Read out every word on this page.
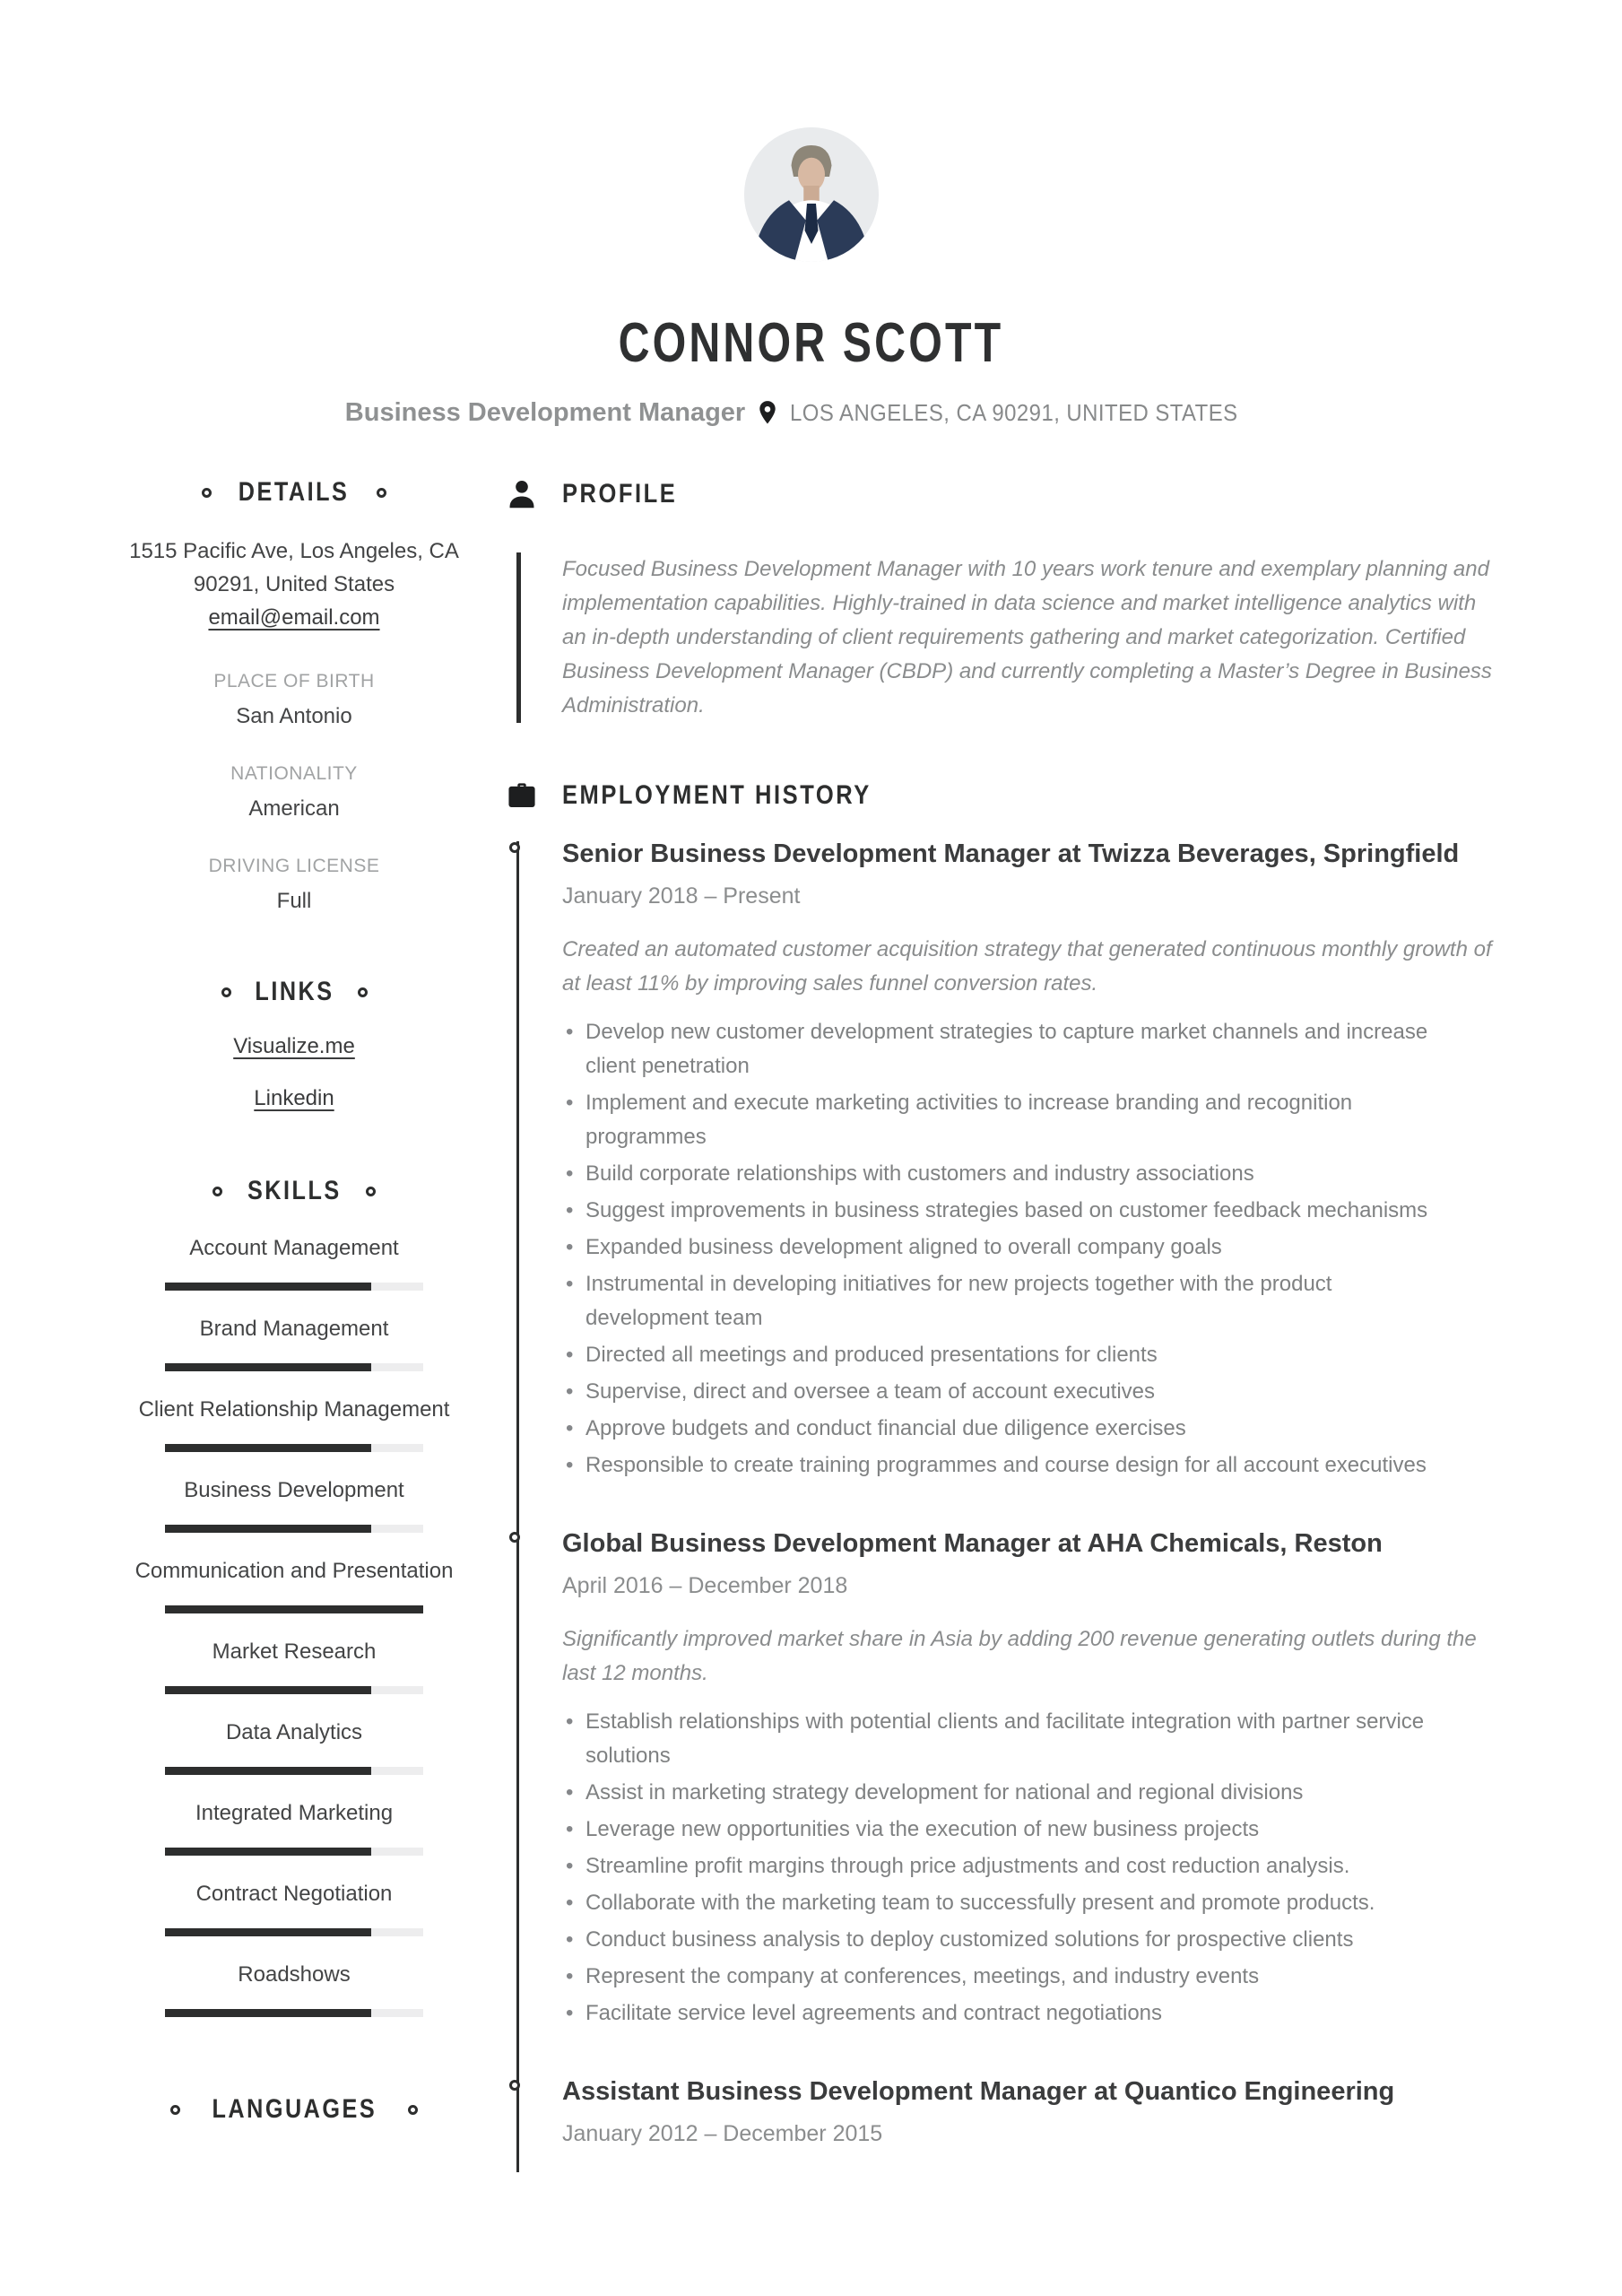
CONNOR SCOTT
Business Development Manager LOS ANGELES, CA 90291, UNITED STATES
DETAILS
1515 Pacific Ave, Los Angeles, CA
90291, United States
email@email.com
PLACE OF BIRTH
San Antonio
NATIONALITY
American
DRIVING LICENSE
Full
LINKS
Visualize.me
Linkedin
SKILLS
Account Management
Brand Management
Client Relationship Management
Business Development
Communication and Presentation
Market Research
Data Analytics
Integrated Marketing
Contract Negotiation
Roadshows
LANGUAGES
PROFILE

Focused Business Development Manager with 10 years work tenure and exemplary planning and implementation capabilities. Highly-trained in data science and market intelligence analytics with an in-depth understanding of client requirements gathering and market categorization. Certified Business Development Manager (CBDP) and currently completing a Master’s Degree in Business Administration.

EMPLOYMENT HISTORY
Senior Business Development Manager at Twizza Beverages, Springfield
January 2018 – Present

Created an automated customer acquisition strategy that generated continuous monthly growth of at least 11% by improving sales funnel conversion rates.

• Develop new customer development strategies to capture market channels and increase client penetration
• Implement and execute marketing activities to increase branding and recognition programmes
• Build corporate relationships with customers and industry associations
• Suggest improvements in business strategies based on customer feedback mechanisms
• Expanded business development aligned to overall company goals
• Instrumental in developing initiatives for new projects together with the product development team
• Directed all meetings and produced presentations for clients
• Supervise, direct and oversee a team of account executives
• Approve budgets and conduct financial due diligence exercises
• Responsible to create training programmes and course design for all account executives
Global Business Development Manager at AHA Chemicals, Reston
April 2016 – December 2018

Significantly improved market share in Asia by adding 200 revenue generating outlets during the last 12 months.

• Establish relationships with potential clients and facilitate integration with partner service solutions
• Assist in marketing strategy development for national and regional divisions
• Leverage new opportunities via the execution of new business projects
• Streamline profit margins through price adjustments and cost reduction analysis.
• Collaborate with the marketing team to successfully present and promote products.
• Conduct business analysis to deploy customized solutions for prospective clients
• Represent the company at conferences, meetings, and industry events
• Facilitate service level agreements and contract negotiations
Assistant Business Development Manager at Quantico Engineering
January 2012 – December 2015
